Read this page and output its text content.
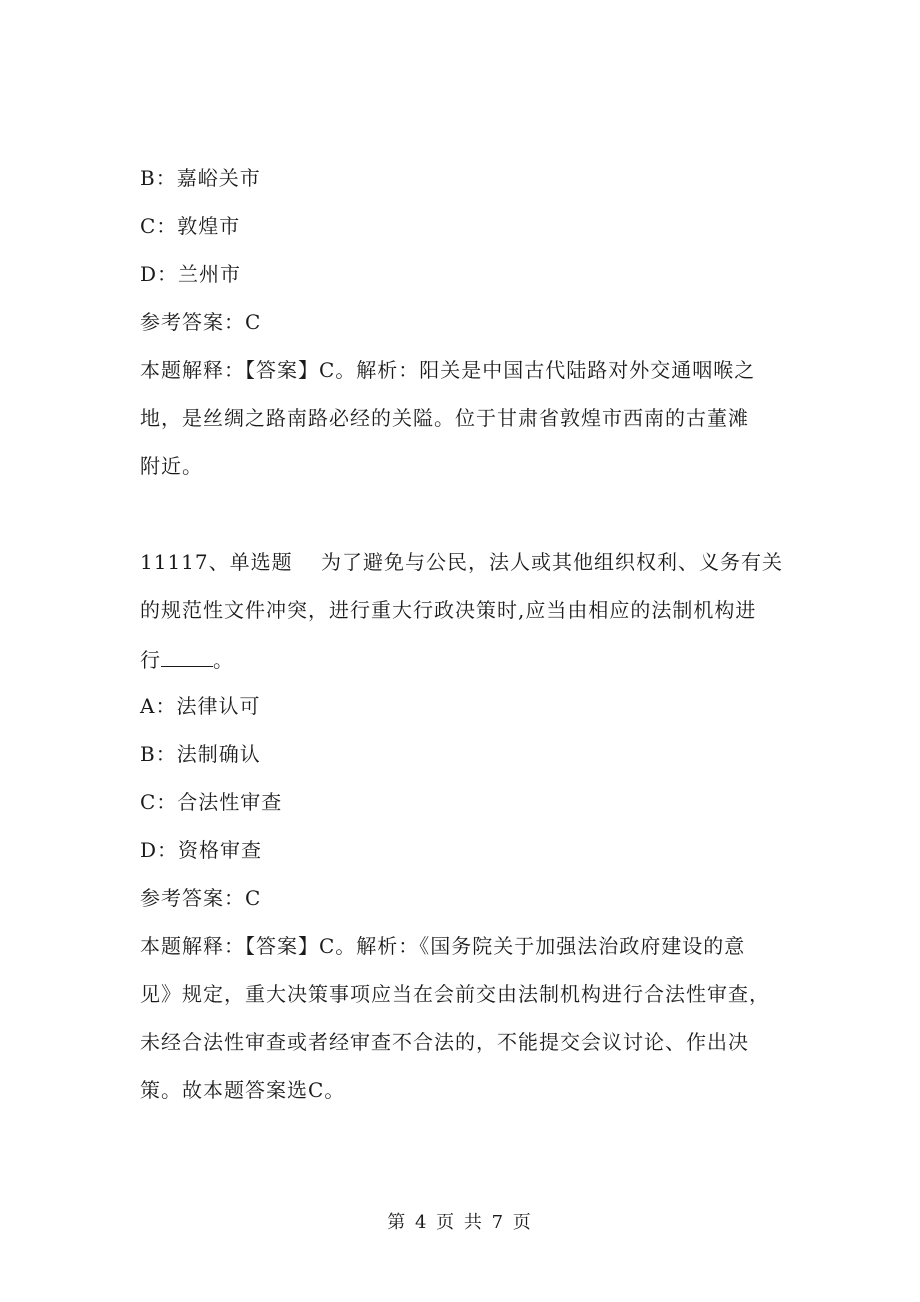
B：嘉峪关市
C：敦煌市
D：兰州市
参考答案：C
本题解释：【答案】C。解析：阳关是中国古代陆路对外交通咽喉之
地，是丝绸之路南路必经的关隘。位于甘肃省敦煌市西南的古董滩
附近。
11117、单选题　 为了避免与公民，法人或其他组织权利、义务有关
的规范性文件冲突，进行重大行政决策时,应当由相应的法制机构进
行	。
A：法律认可
B：法制确认
C：合法性审查
D：资格审查
参考答案：C
本题解释：【答案】C。解析：《国务院关于加强法治政府建设的意
见》规定，重大决策事项应当在会前交由法制机构进行合法性审查，
未经合法性审查或者经审查不合法的，不能提交会议讨论、作出决
策。故本题答案选C。
第 4 页 共 7 页
